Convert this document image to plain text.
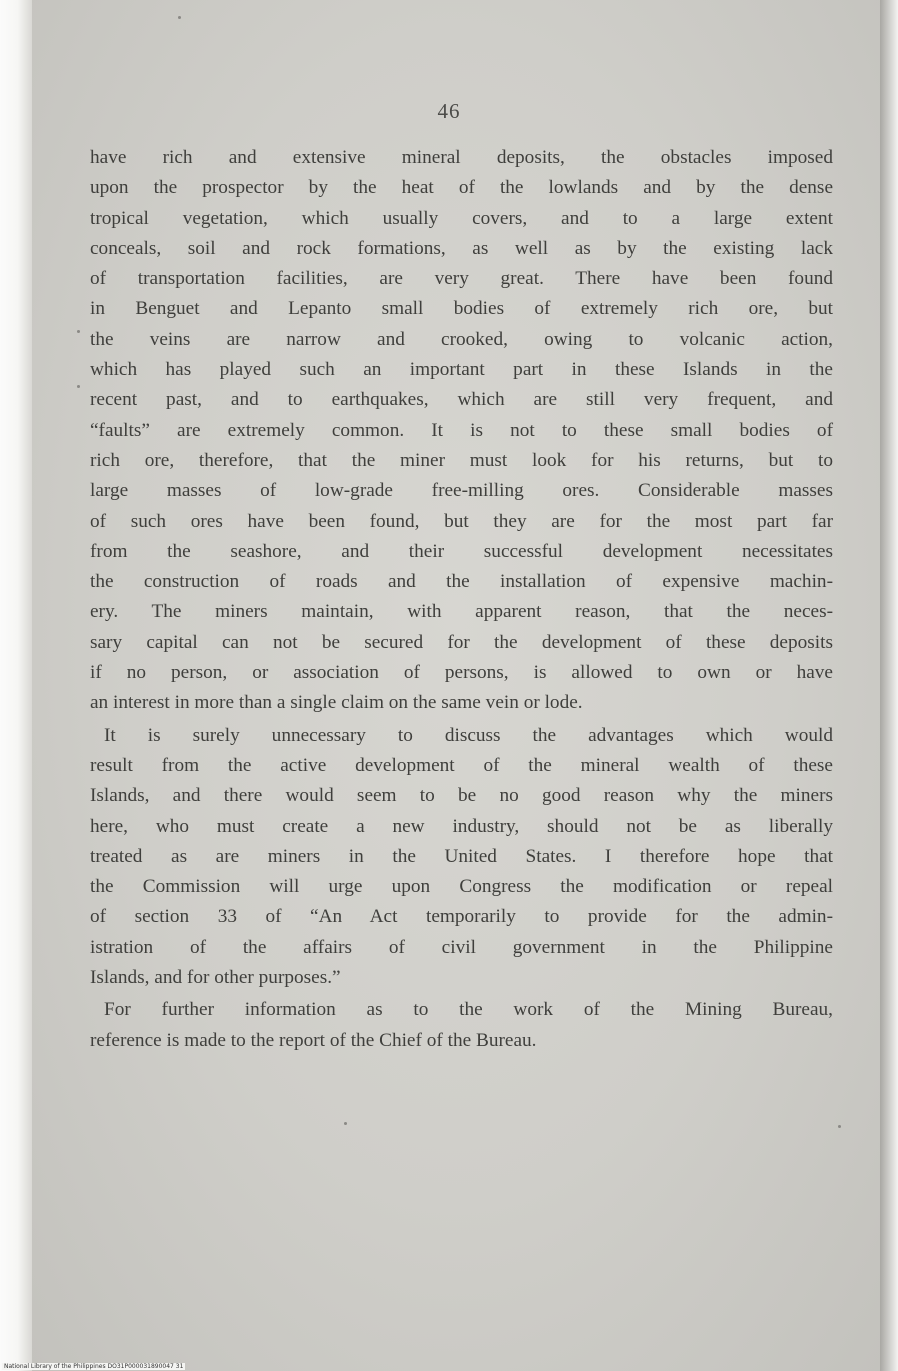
46
have rich and extensive mineral deposits, the obstacles imposed
upon the prospector by the heat of the lowlands and by the dense
tropical vegetation, which usually covers, and to a large extent
conceals, soil and rock formations, as well as by the existing lack
of transportation facilities, are very great. There have been found
in Benguet and Lepanto small bodies of extremely rich ore, but
the veins are narrow and crooked, owing to volcanic action,
which has played such an important part in these Islands in the
recent past, and to earthquakes, which are still very frequent, and
“faults” are extremely common. It is not to these small bodies of
rich ore, therefore, that the miner must look for his returns, but to
large masses of low-grade free-milling ores. Considerable masses
of such ores have been found, but they are for the most part far
from the seashore, and their successful development necessitates
the construction of roads and the installation of expensive machin-
ery. The miners maintain, with apparent reason, that the neces-
sary capital can not be secured for the development of these deposits
if no person, or association of persons, is allowed to own or have
an interest in more than a single claim on the same vein or lode.
It is surely unnecessary to discuss the advantages which would
result from the active development of the mineral wealth of these
Islands, and there would seem to be no good reason why the miners
here, who must create a new industry, should not be as liberally
treated as are miners in the United States. I therefore hope that
the Commission will urge upon Congress the modification or repeal
of section 33 of “An Act temporarily to provide for the admin-
istration of the affairs of civil government in the Philippine
Islands, and for other purposes.”
For further information as to the work of the Mining Bureau,
reference is made to the report of the Chief of the Bureau.
National Library of the Philippines DO31P000031890047 31
